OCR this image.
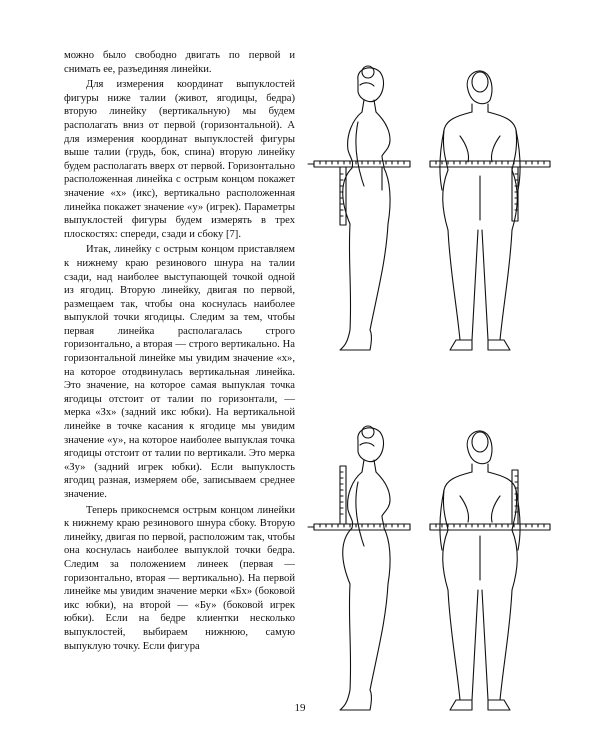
можно было свободно двигать по первой и снимать ее, разъединяя линейки.

Для измерения координат выпуклостей фигуры ниже талии (живот, ягодицы, бедра) вторую линейку (вертикальную) мы будем располагать вниз от первой (горизонтальной). А для измерения координат выпуклостей фигуры выше талии (грудь, бок, спина) вторую линейку будем располагать вверх от первой. Горизонтально расположенная линейка с острым концом покажет значение «х» (икс), вертикально расположенная линейка покажет значение «у» (игрек). Параметры выпуклостей фигуры будем измерять в трех плоскостях: спереди, сзади и сбоку [7].

Итак, линейку с острым концом приставляем к нижнему краю резинового шнура на талии сзади, над наиболее выступающей точкой одной из ягодиц. Вторую линейку, двигая по первой, размещаем так, чтобы она коснулась наиболее выпуклой точки ягодицы. Следим за тем, чтобы первая линейка располагалась строго горизонтально, а вторая — строго вертикально. На горизонтальной линейке мы увидим значение «х», на которое отодвинулась вертикальная линейка. Это значение, на которое самая выпуклая точка ягодицы отстоит от талии по горизонтали, — мерка «Зх» (задний икс юбки). На вертикальной линейке в точке касания к ягодице мы увидим значение «у», на которое наиболее выпуклая точка ягодицы отстоит от талии по вертикали. Это мерка «Зу» (задний игрек юбки). Если выпуклость ягодиц разная, измеряем обе, записываем среднее значение.

Теперь прикоснемся острым концом линейки к нижнему краю резинового шнура сбоку. Вторую линейку, двигая по первой, расположим так, чтобы она коснулась наиболее выпуклой точки бедра. Следим за положением линеек (первая — горизонтально, вторая — вертикально). На первой линейке мы увидим значение мерки «Бх» (боковой икс юбки), на второй — «Бу» (боковой игрек юбки). Если на бедре клиентки несколько выпуклостей, выбираем нижнюю, самую выпуклую точку. Если фигура

19
